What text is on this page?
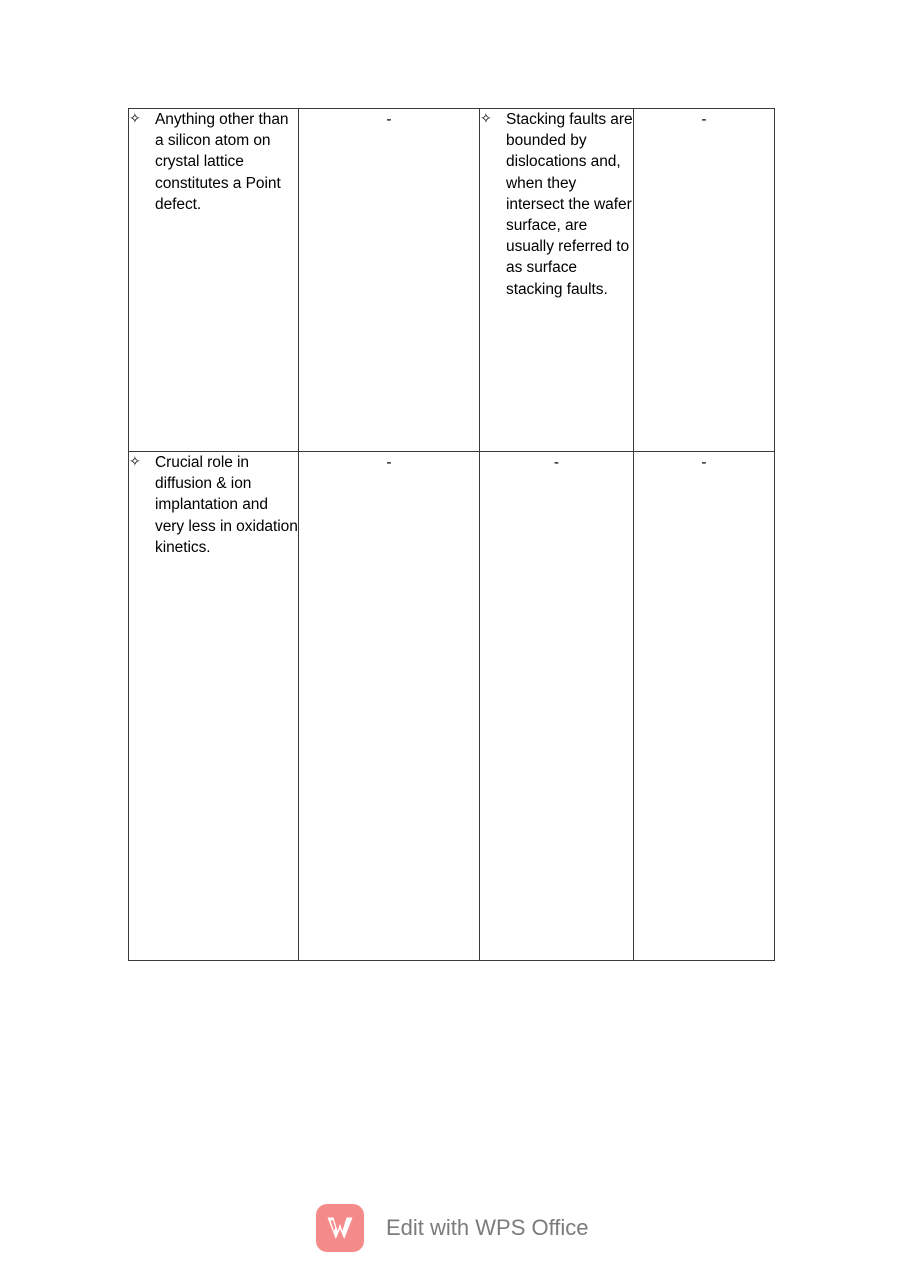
✧ Anything other than a silicon atom on crystal lattice constitutes a Point defect.	-	✧ Stacking faults are bounded by dislocations and, when they intersect the wafer surface, are usually referred to as surface stacking faults.	-

✧ Crucial role in diffusion & ion implantation and very less in oxidation kinetics.	-	-	-
Edit with WPS Office
